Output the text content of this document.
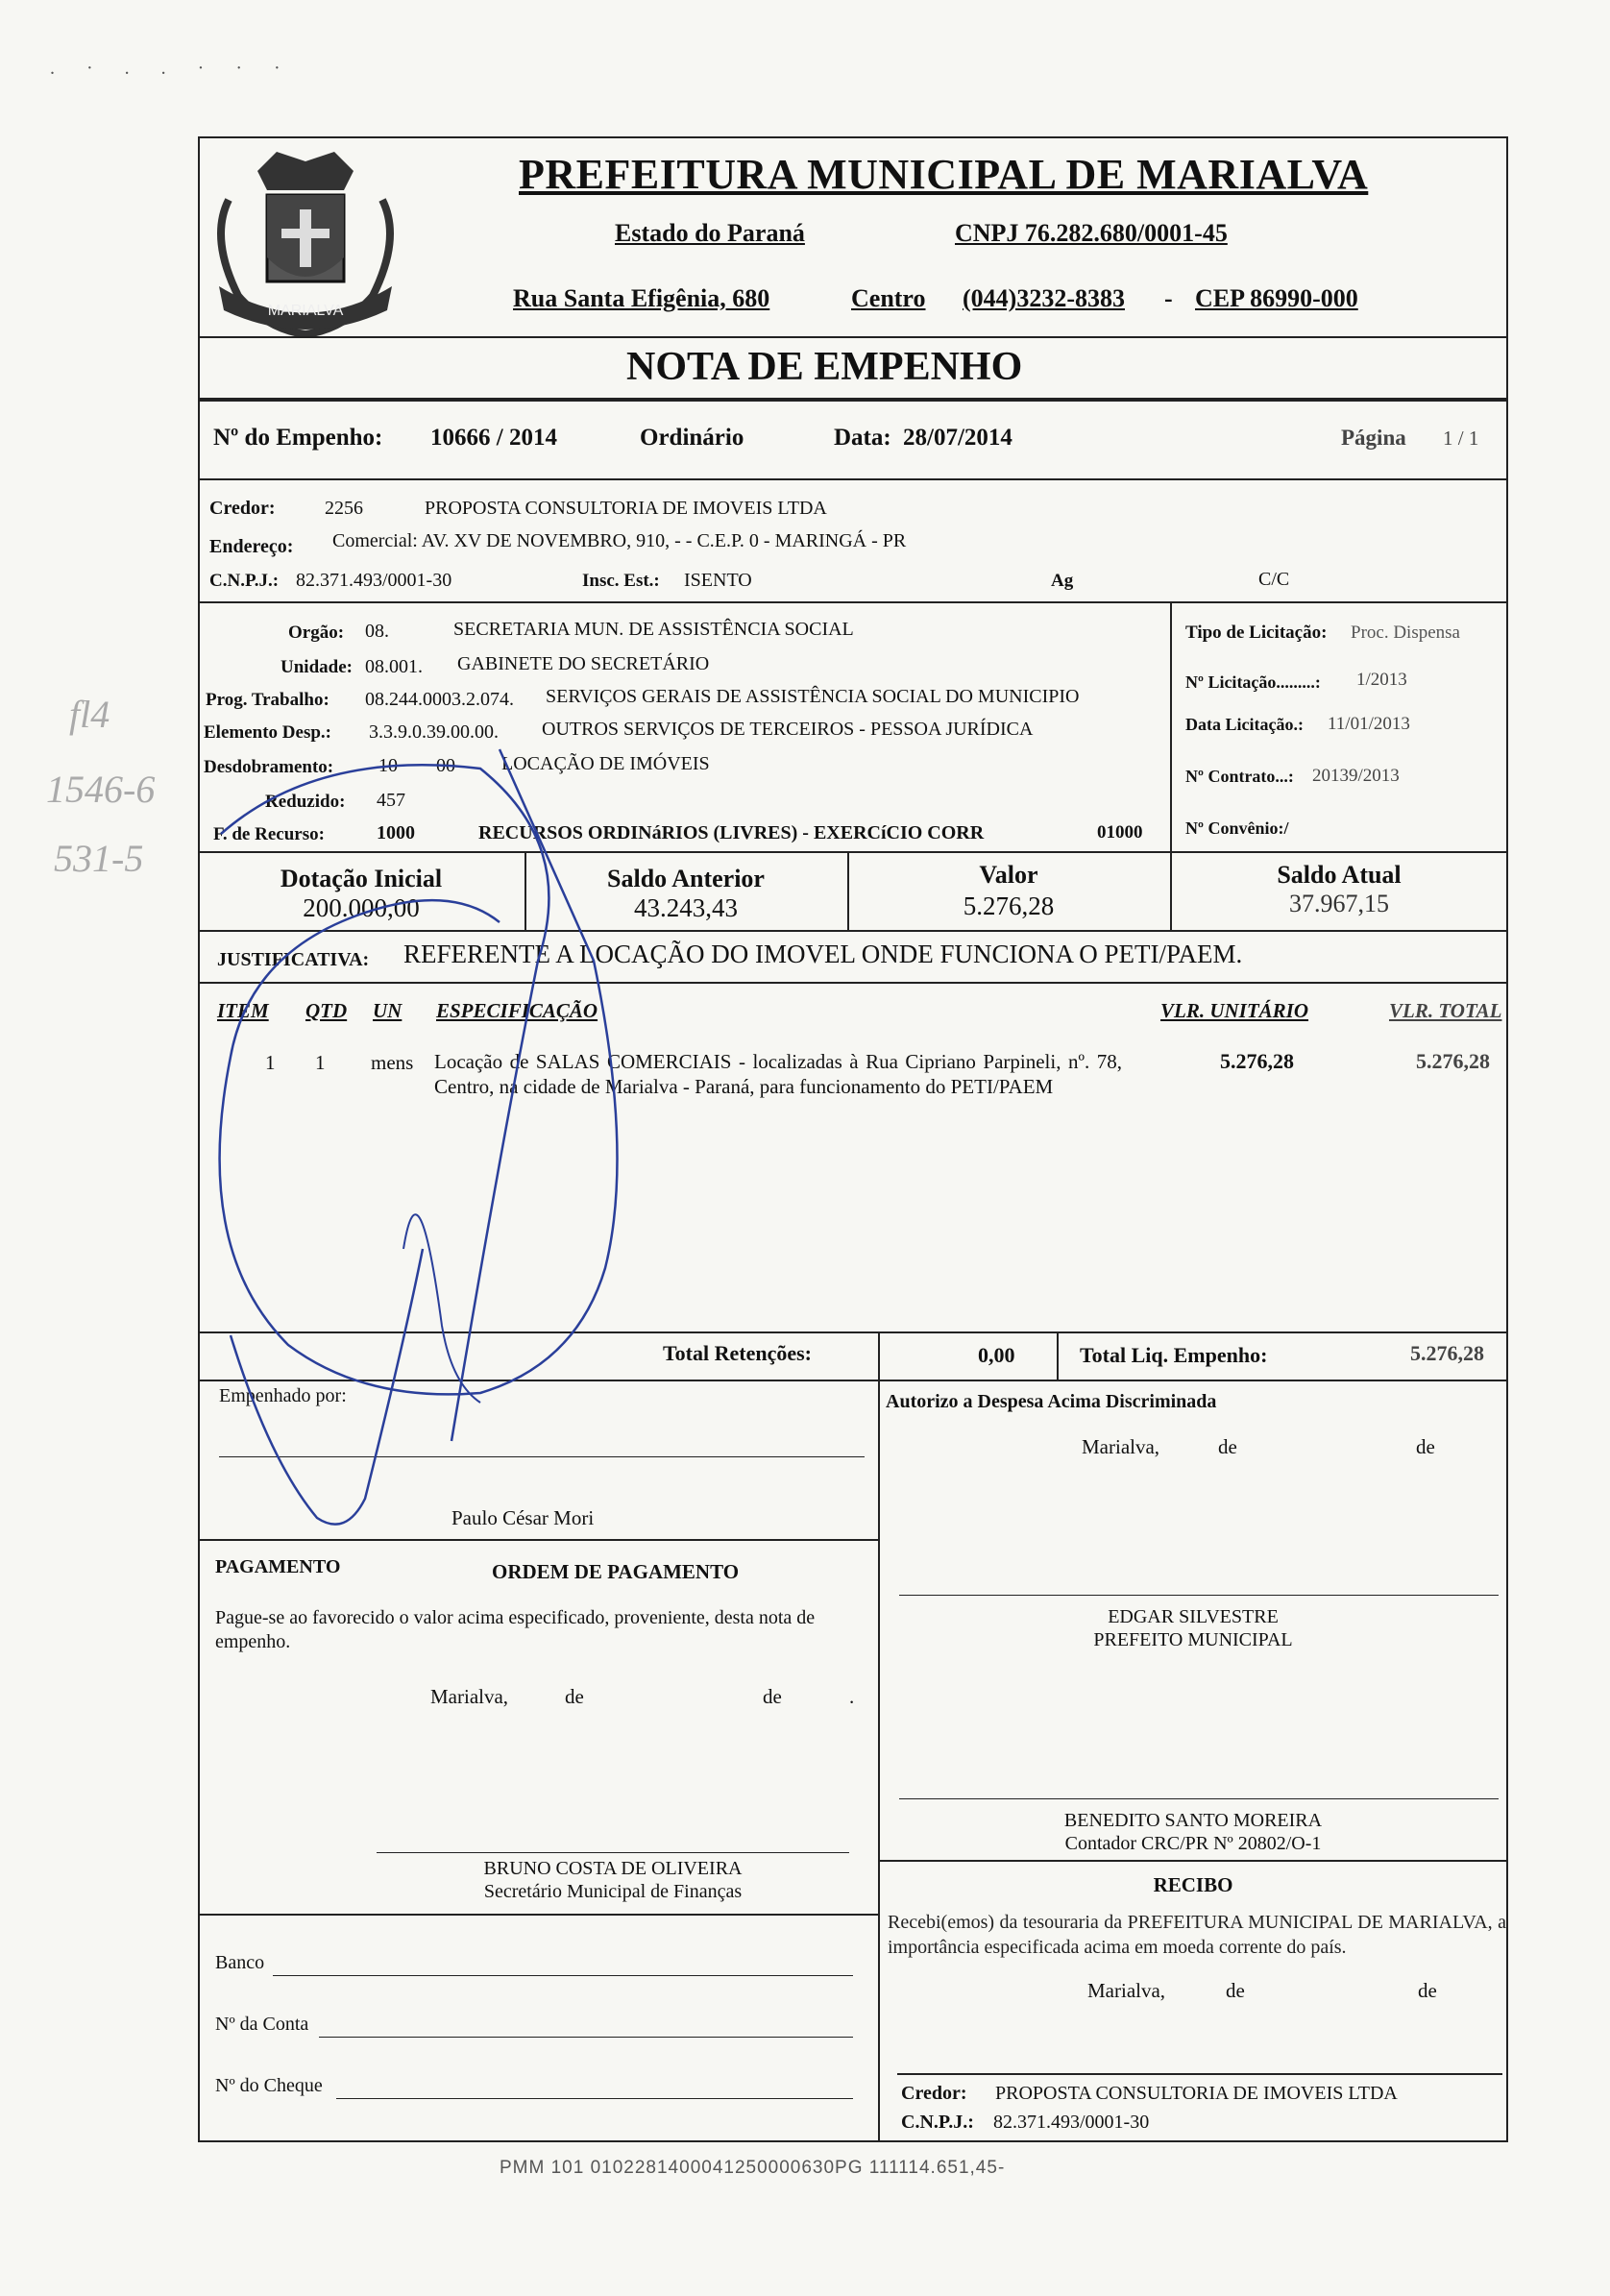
. · . . · · ·
MARIALVA
PREFEITURA MUNICIPAL DE MARIALVA
Estado do Paraná	CNPJ 76.282.680/0001-45
Rua Santa Efigênia, 680	Centro (044)3232-8383 - CEP 86990-000
NOTA DE EMPENHO
Nº do Empenho: 10666 / 2014	Ordinário	Data: 28/07/2014	Página 1 / 1
Credor:	2256	PROPOSTA CONSULTORIA DE IMOVEIS LTDA
Endereço: Comercial: AV. XV DE NOVEMBRO, 910, - - C.E.P. 0 - MARINGÁ - PR
C.N.P.J.: 82.371.493/0001-30	Insc. Est.: ISENTO	Ag	C/C
Orgão: 08.	SECRETARIA MUN. DE ASSISTÊNCIA SOCIAL
Unidade: 08.001. GABINETE DO SECRETÁRIO
Prog. Trabalho: 08.244.0003.2.074. SERVIÇOS GERAIS DE ASSISTÊNCIA SOCIAL DO MUNICIPIO
Elemento Desp.: 3.3.9.0.39.00.00. OUTROS SERVIÇOS DE TERCEIROS - PESSOA JURÍDICA
Desdobramento: 10 00 LOCAÇÃO DE IMÓVEIS
Reduzido: 457
F. de Recurso:	1000	RECURSOS ORDINáRIOS (LIVRES) - EXERCíCIO CORR	01000
Tipo de Licitação: Proc. Dispensa
Nº Licitação.........: 1/2013
Data Licitação.: 11/01/2013
Nº Contrato...: 20139/2013
Nº Convênio:/
Dotação Inicial
200.000,00
Saldo Anterior
43.243,43
Valor
5.276,28
Saldo Atual
37.967,15
JUSTIFICATIVA: REFERENTE A LOCAÇÃO DO IMOVEL ONDE FUNCIONA O PETI/PAEM.
ITEM QTD UN ESPECIFICAÇÃO	VLR. UNITÁRIO	VLR. TOTAL
1 1 mens Locação de SALAS COMERCIAIS - localizadas à Rua Cipriano Parpineli, nº. 78, Centro, na cidade de Marialva - Paraná, para funcionamento do PETI/PAEM
5.276,28	5.276,28
Total Retenções:	0,00	Total Liq. Empenho:	5.276,28
Empenhado por:
Paulo César Mori
Autorizo a Despesa Acima Discriminada
Marialva,	de	de
PAGAMENTO	ORDEM DE PAGAMENTO
Pague-se ao favorecido o valor acima especificado, proveniente, desta nota de empenho.
Marialva,	de	de	.
EDGAR SILVESTRE
PREFEITO MUNICIPAL
BENEDITO SANTO MOREIRA
Contador CRC/PR Nº 20802/O-1
BRUNO COSTA DE OLIVEIRA
Secretário Municipal de Finanças
Banco
Nº da Conta
Nº do Cheque
RECIBO
Recebi(emos) da tesouraria da PREFEITURA MUNICIPAL DE MARIALVA, a importância especificada acima em moeda corrente do país.
Marialva,	de	de
Credor: PROPOSTA CONSULTORIA DE IMOVEIS LTDA
C.N.P.J.: 82.371.493/0001-30
PMM 101 0102281400041250000630PG 111114.651,45-
fl4
1546-6
531-5
